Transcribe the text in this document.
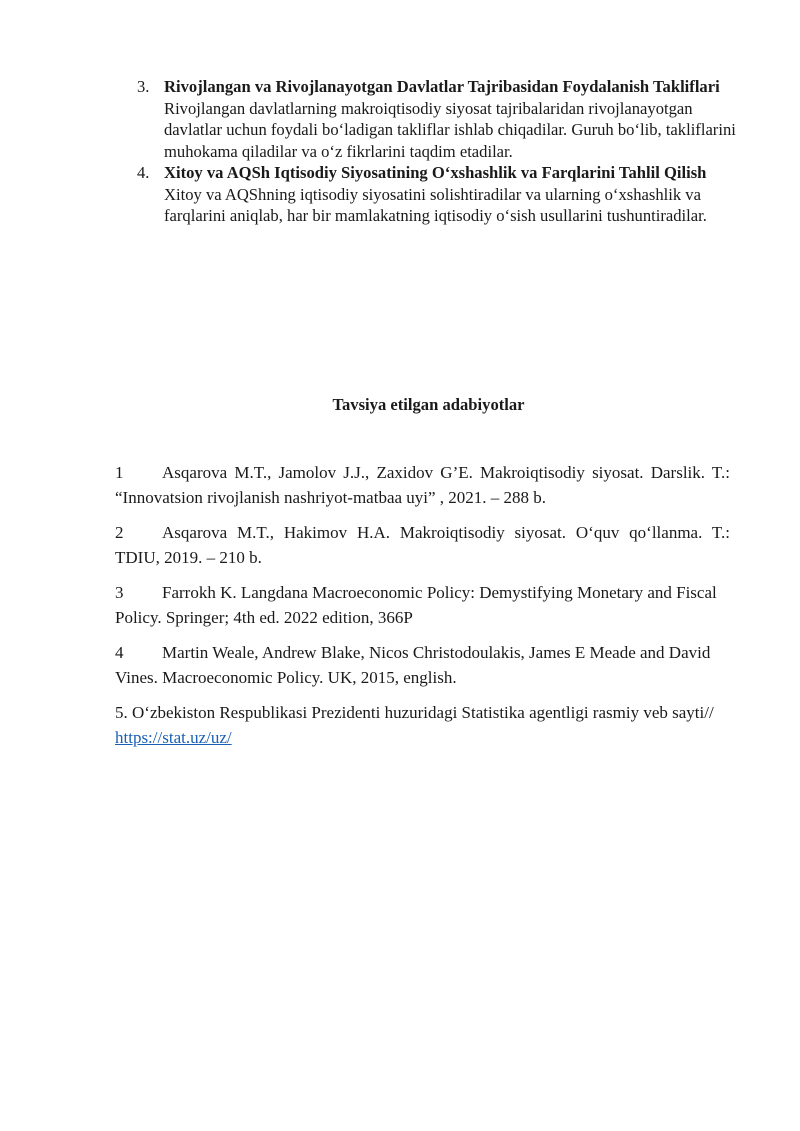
3. Rivojlangan va Rivojlanayotgan Davlatlar Tajribasidan Foydalanish Takliflari
Rivojlangan davlatlarning makroiqtisodiy siyosat tajribalaridan rivojlanayotgan davlatlar uchun foydali bo‘ladigan takliflar ishlab chiqadilar. Guruh bo‘lib, takliflarini muhokama qiladilar va o‘z fikrlarini taqdim etadilar.
4. Xitoy va AQSh Iqtisodiy Siyosatining O‘xshashlik va Farqlarini Tahlil Qilish
Xitoy va AQShning iqtisodiy siyosatini solishtiradilar va ularning o‘xshashlik va farqlarini aniqlab, har bir mamlakatning iqtisodiy o‘sish usullarini tushuntiradilar.
Tavsiya etilgan adabiyotlar

1 Asqarova M.T., Jamolov J.J., Zaxidov G’E. Makroiqtisodiy siyosat. Darslik. T.: “Innovatsion rivojlanish nashriyot-matbaa uyi” , 2021. – 288 b.

2 Asqarova M.T., Hakimov H.A. Makroiqtisodiy siyosat. O‘quv qo‘llanma. T.: TDIU, 2019. – 210 b.

3 Farrokh K. Langdana Macroeconomic Policy: Demystifying Monetary and Fiscal Policy. Springer; 4th ed. 2022 edition, 366P

4 Martin Weale, Andrew Blake, Nicos Christodoulakis, James E Meade and David Vines. Macroeconomic Policy. UK, 2015, english.

5. O‘zbekiston Respublikasi Prezidenti huzuridagi Statistika agentligi rasmiy veb sayti// https://stat.uz/uz/
